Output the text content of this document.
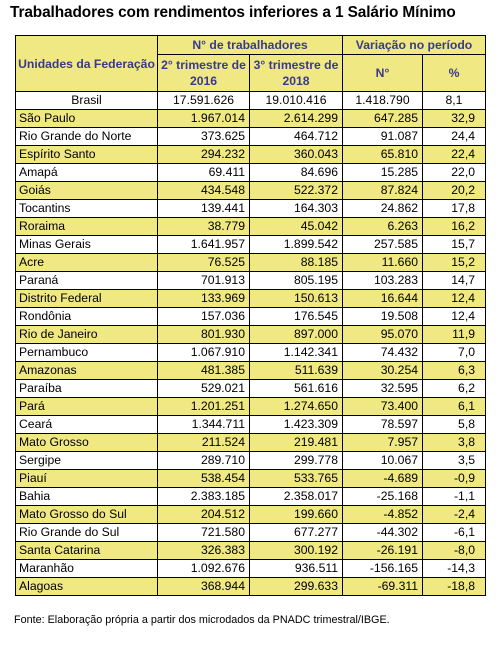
Trabalhadores com rendimentos inferiores a 1 Salário Mínimo
Unidades da Federação	N° de trabalhadores		Variação no período	
	2° trimestre de 2016	3° trimestre de 2018	N°	%
Brasil	17.591.626	19.010.416	1.418.790	8,1
São Paulo	1.967.014	2.614.299	647.285	32,9
Rio Grande do Norte	373.625	464.712	91.087	24,4
Espírito Santo	294.232	360.043	65.810	22,4
Amapá	69.411	84.696	15.285	22,0
Goiás	434.548	522.372	87.824	20,2
Tocantins	139.441	164.303	24.862	17,8
Roraima	38.779	45.042	6.263	16,2
Minas Gerais	1.641.957	1.899.542	257.585	15,7
Acre	76.525	88.185	11.660	15,2
Paraná	701.913	805.195	103.283	14,7
Distrito Federal	133.969	150.613	16.644	12,4
Rondônia	157.036	176.545	19.508	12,4
Rio de Janeiro	801.930	897.000	95.070	11,9
Pernambuco	1.067.910	1.142.341	74.432	7,0
Amazonas	481.385	511.639	30.254	6,3
Paraíba	529.021	561.616	32.595	6,2
Pará	1.201.251	1.274.650	73.400	6,1
Ceará	1.344.711	1.423.309	78.597	5,8
Mato Grosso	211.524	219.481	7.957	3,8
Sergipe	289.710	299.778	10.067	3,5
Piauí	538.454	533.765	-4.689	-0,9
Bahia	2.383.185	2.358.017	-25.168	-1,1
Mato Grosso do Sul	204.512	199.660	-4.852	-2,4
Rio Grande do Sul	721.580	677.277	-44.302	-6,1
Santa Catarina	326.383	300.192	-26.191	-8,0
Maranhão	1.092.676	936.511	-156.165	-14,3
Alagoas	368.944	299.633	-69.311	-18,8
Fonte: Elaboração própria a partir dos microdados da PNADC trimestral/IBGE.
